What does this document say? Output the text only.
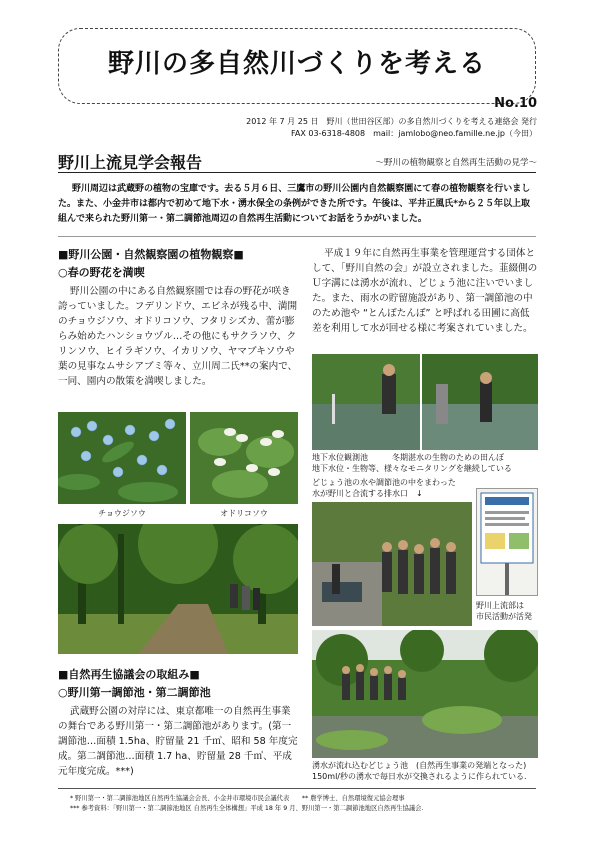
野川の多自然川づくりを考える
No.10
2012 年 7 月 25 日　野川（世田谷区部）の多自然川づくりを考える連絡会 発行
FAX 03-6318-4808　mail：jamlobo@neo.famille.ne.jp（今田）
野川上流見学会報告	～野川の植物観察と自然再生活動の見学～
野川周辺は武蔵野の植物の宝庫です。去る５月６日、三鷹市の野川公園内自然観察園にて春の植物観察を行いました。また、小金井市は都内で初めて地下水・湧水保全の条例ができた所です。午後は、平井正風氏*から２５年以上取組んで来られた野川第一・第二調節池周辺の自然再生活動についてお話をうかがいました。
■野川公園・自然観察園の植物観察■
○春の野花を満喫
野川公園の中にある自然観察園では春の野花が咲き誇っていました。フデリンドウ、エビネが残る中、満開のチョウジソウ、オドリコソウ、フタリシズカ、蕾が膨らみ始めたハンショウヅル…その他にもサクラソウ、クリンソウ、ヒイラギソウ、イカリソウ、ヤマブキソウや葉の見事なムサシアブミ等々、立川周二氏**の案内で、一同、園内の散策を満喫しました。
チョウジソウ	オドリコソウ
■自然再生協議会の取組み■
○野川第一調節池・第二調節池
武蔵野公園の対岸には、東京都唯一の自然再生事業の舞台である野川第一・第二調節池があります。(第一調節池…面積 1.5ha、貯留量 21 千㎥、昭和 58 年度完成。第二調節池…面積 1.7 ha、貯留量 28 千㎥、平成元年度完成。***)
平成１９年に自然再生事業を管理運営する団体として、「野川自然の会」が設立されました。韮綴側のＵ字溝には湧水が流れ、どじょう池に注いでいました。また、雨水の貯留施設があり、第一調節池の中のため池や “とんぼたんぼ” と呼ばれる田圃に高低差を利用して水が回せる様に考案されていました。
地下水位観測池　　　冬期湛水の生物のための田んぼ
地下水位・生物等、様々なモニタリングを継続している
どじょう池の水や調節池の中をまわった
水が野川と合流する排水口　↓
野川上流部は
市民活動が活発
湧水が流れ込むどじょう池　(自然再生事業の発端となった)
150ml/秒の湧水で毎日水が交換されるように作られている.
* 野川第一・第二調節池地区自然再生協議会会長、小金井市環境市民会議代表　　** 農学博士、自然環境復元協会理事
*** 参考資料：「野川第一・第二調節池地区 自然再生全体構想」平成 18 年 9 月、野川第一・第二調節池地区自然再生協議会.
